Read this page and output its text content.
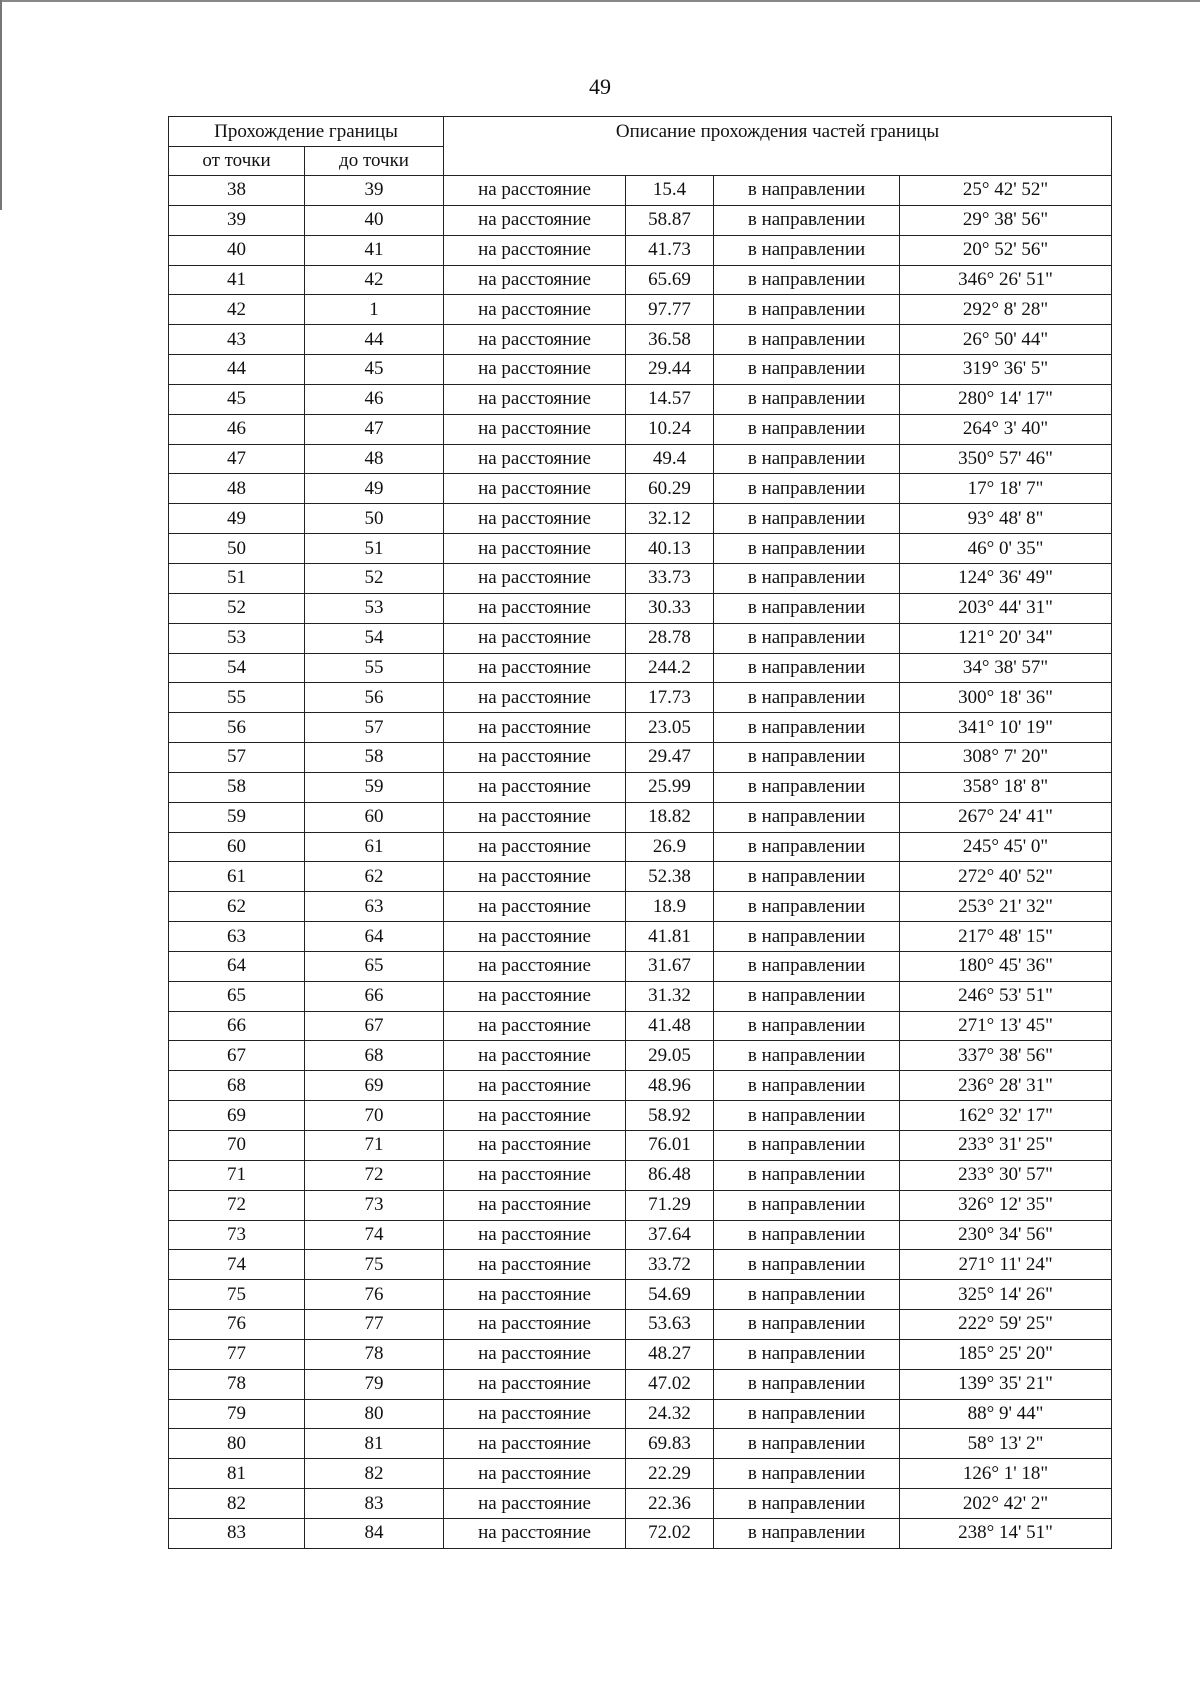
49
Прохождение границы		Описание прохождения частей границы			
от точки	до точки				
38	39	на расстояние	15.4	в направлении	25° 42' 52"
39	40	на расстояние	58.87	в направлении	29° 38' 56"
40	41	на расстояние	41.73	в направлении	20° 52' 56"
41	42	на расстояние	65.69	в направлении	346° 26' 51"
42	1	на расстояние	97.77	в направлении	292° 8' 28"
43	44	на расстояние	36.58	в направлении	26° 50' 44"
44	45	на расстояние	29.44	в направлении	319° 36' 5"
45	46	на расстояние	14.57	в направлении	280° 14' 17"
46	47	на расстояние	10.24	в направлении	264° 3' 40"
47	48	на расстояние	49.4	в направлении	350° 57' 46"
48	49	на расстояние	60.29	в направлении	17° 18' 7"
49	50	на расстояние	32.12	в направлении	93° 48' 8"
50	51	на расстояние	40.13	в направлении	46° 0' 35"
51	52	на расстояние	33.73	в направлении	124° 36' 49"
52	53	на расстояние	30.33	в направлении	203° 44' 31"
53	54	на расстояние	28.78	в направлении	121° 20' 34"
54	55	на расстояние	244.2	в направлении	34° 38' 57"
55	56	на расстояние	17.73	в направлении	300° 18' 36"
56	57	на расстояние	23.05	в направлении	341° 10' 19"
57	58	на расстояние	29.47	в направлении	308° 7' 20"
58	59	на расстояние	25.99	в направлении	358° 18' 8"
59	60	на расстояние	18.82	в направлении	267° 24' 41"
60	61	на расстояние	26.9	в направлении	245° 45' 0"
61	62	на расстояние	52.38	в направлении	272° 40' 52"
62	63	на расстояние	18.9	в направлении	253° 21' 32"
63	64	на расстояние	41.81	в направлении	217° 48' 15"
64	65	на расстояние	31.67	в направлении	180° 45' 36"
65	66	на расстояние	31.32	в направлении	246° 53' 51"
66	67	на расстояние	41.48	в направлении	271° 13' 45"
67	68	на расстояние	29.05	в направлении	337° 38' 56"
68	69	на расстояние	48.96	в направлении	236° 28' 31"
69	70	на расстояние	58.92	в направлении	162° 32' 17"
70	71	на расстояние	76.01	в направлении	233° 31' 25"
71	72	на расстояние	86.48	в направлении	233° 30' 57"
72	73	на расстояние	71.29	в направлении	326° 12' 35"
73	74	на расстояние	37.64	в направлении	230° 34' 56"
74	75	на расстояние	33.72	в направлении	271° 11' 24"
75	76	на расстояние	54.69	в направлении	325° 14' 26"
76	77	на расстояние	53.63	в направлении	222° 59' 25"
77	78	на расстояние	48.27	в направлении	185° 25' 20"
78	79	на расстояние	47.02	в направлении	139° 35' 21"
79	80	на расстояние	24.32	в направлении	88° 9' 44"
80	81	на расстояние	69.83	в направлении	58° 13' 2"
81	82	на расстояние	22.29	в направлении	126° 1' 18"
82	83	на расстояние	22.36	в направлении	202° 42' 2"
83	84	на расстояние	72.02	в направлении	238° 14' 51"
